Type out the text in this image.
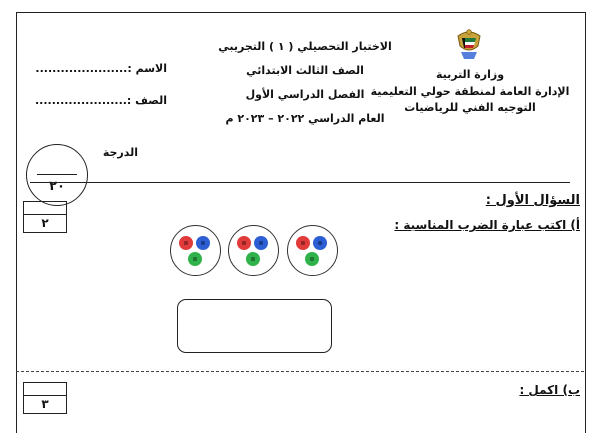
وزارة التربية
الإدارة العامة لمنطقة حولي التعليمية
التوجيه الفني للرياضيات
الاختبار التحصيلي ( ١ ) التجريبي
الصف الثالث الابتدائي
الفصل الدراسي الأول
العام الدراسي ٢٠٢٢ – ٢٠٢٣ م
الاسم :......................
الصف :......................
الدرجة
٢٠
السؤال الأول :
أ) اكتب عبارة الضرب المناسبة :
٢
ب) اكمل :
٣
